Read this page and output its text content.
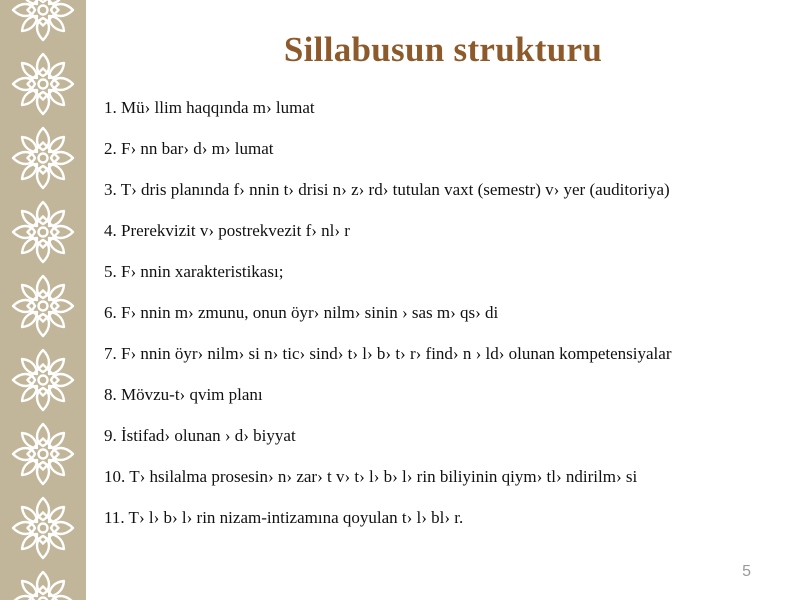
Sillabusun strukturu
1. Mü› llim haqqında m› lumat
2. F› nn bar› d› m› lumat
3. T› dris planında f› nnin t› drisi n› z› rd› tutulan vaxt (semestr) v› yer (auditoriya)
4. Prerekvizit v› postrekvezit f› nl› r
5. F› nnin xarakteristikası;
6. F› nnin m› zmunu, onun öyr› nilm› sinin › sas m› qs› di
7. F› nnin öyr› nilm› si n› tic› sind› t› l› b› t› r› find› n › ld› olunan kompetensiyalar
8. Mövzu-t› qvim planı
9. İstifad› olunan › d› biyyat
10. T› hsilalma prosesin› n› zar› t v› t› l› b› l› rin biliyinin qiym› tl› ndirilm› si
11. T› l› b› l› rin nizam-intizamına qoyulan t› l› bl› r.
5
